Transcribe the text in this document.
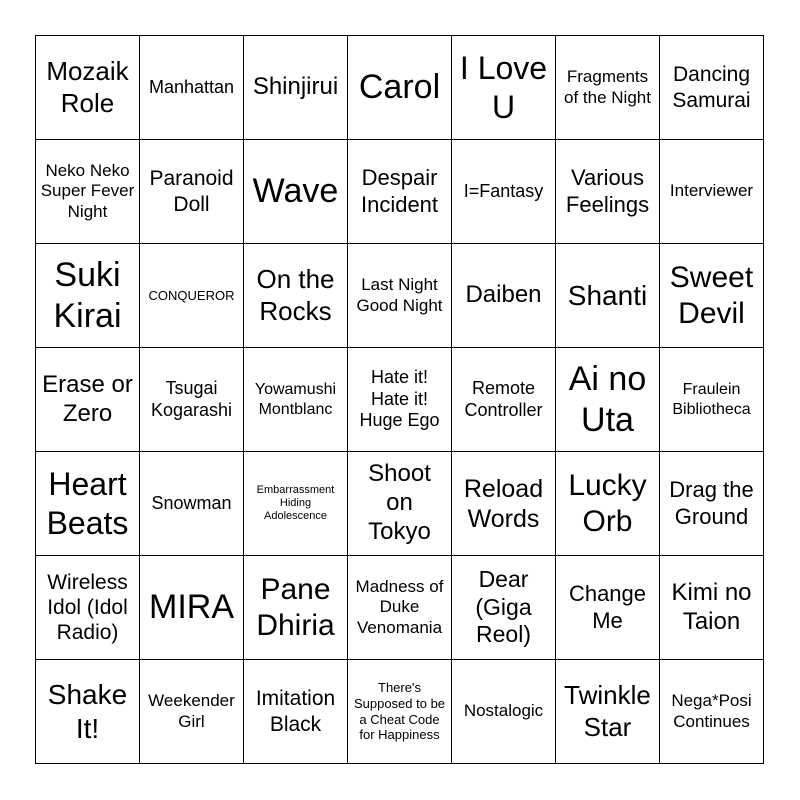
Mozaik Role
Manhattan Shinjirui Carol I Love U
Fragments of the Night
Dancing Samurai
Neko Neko Super Fever Night
Paranoid Doll	Wave	Despair Incident
I=Fantasy
Various Feelings
Interviewer
Suki Kirai
CONQUEROR
On the Rocks
Last Night Good Night Daiben Shanti
Sweet Devil
Erase or Zero
Tsugai Kogarashi
Yowamushi Montblanc
Hate it! Hate it! Huge Ego
Remote Controller
Ai no Uta
Fraulein Bibliotheca
Heart Beats
Snowman
Embarrassment Hiding Adolescence
Shoot on Tokyo
Reload Words
Lucky Orb
Drag the Ground
Wireless Idol (Idol Radio)
MIRA Pane Dhiria
Madness of Duke Venomania
Dear (Giga Reol)
Change Me
Kimi no Taion
Shake It!
Weekender Girl
Imitation Black
There's Supposed to be a Cheat Code for Happiness
Nostalogic
Twinkle Star
Nega*Posi Continues
